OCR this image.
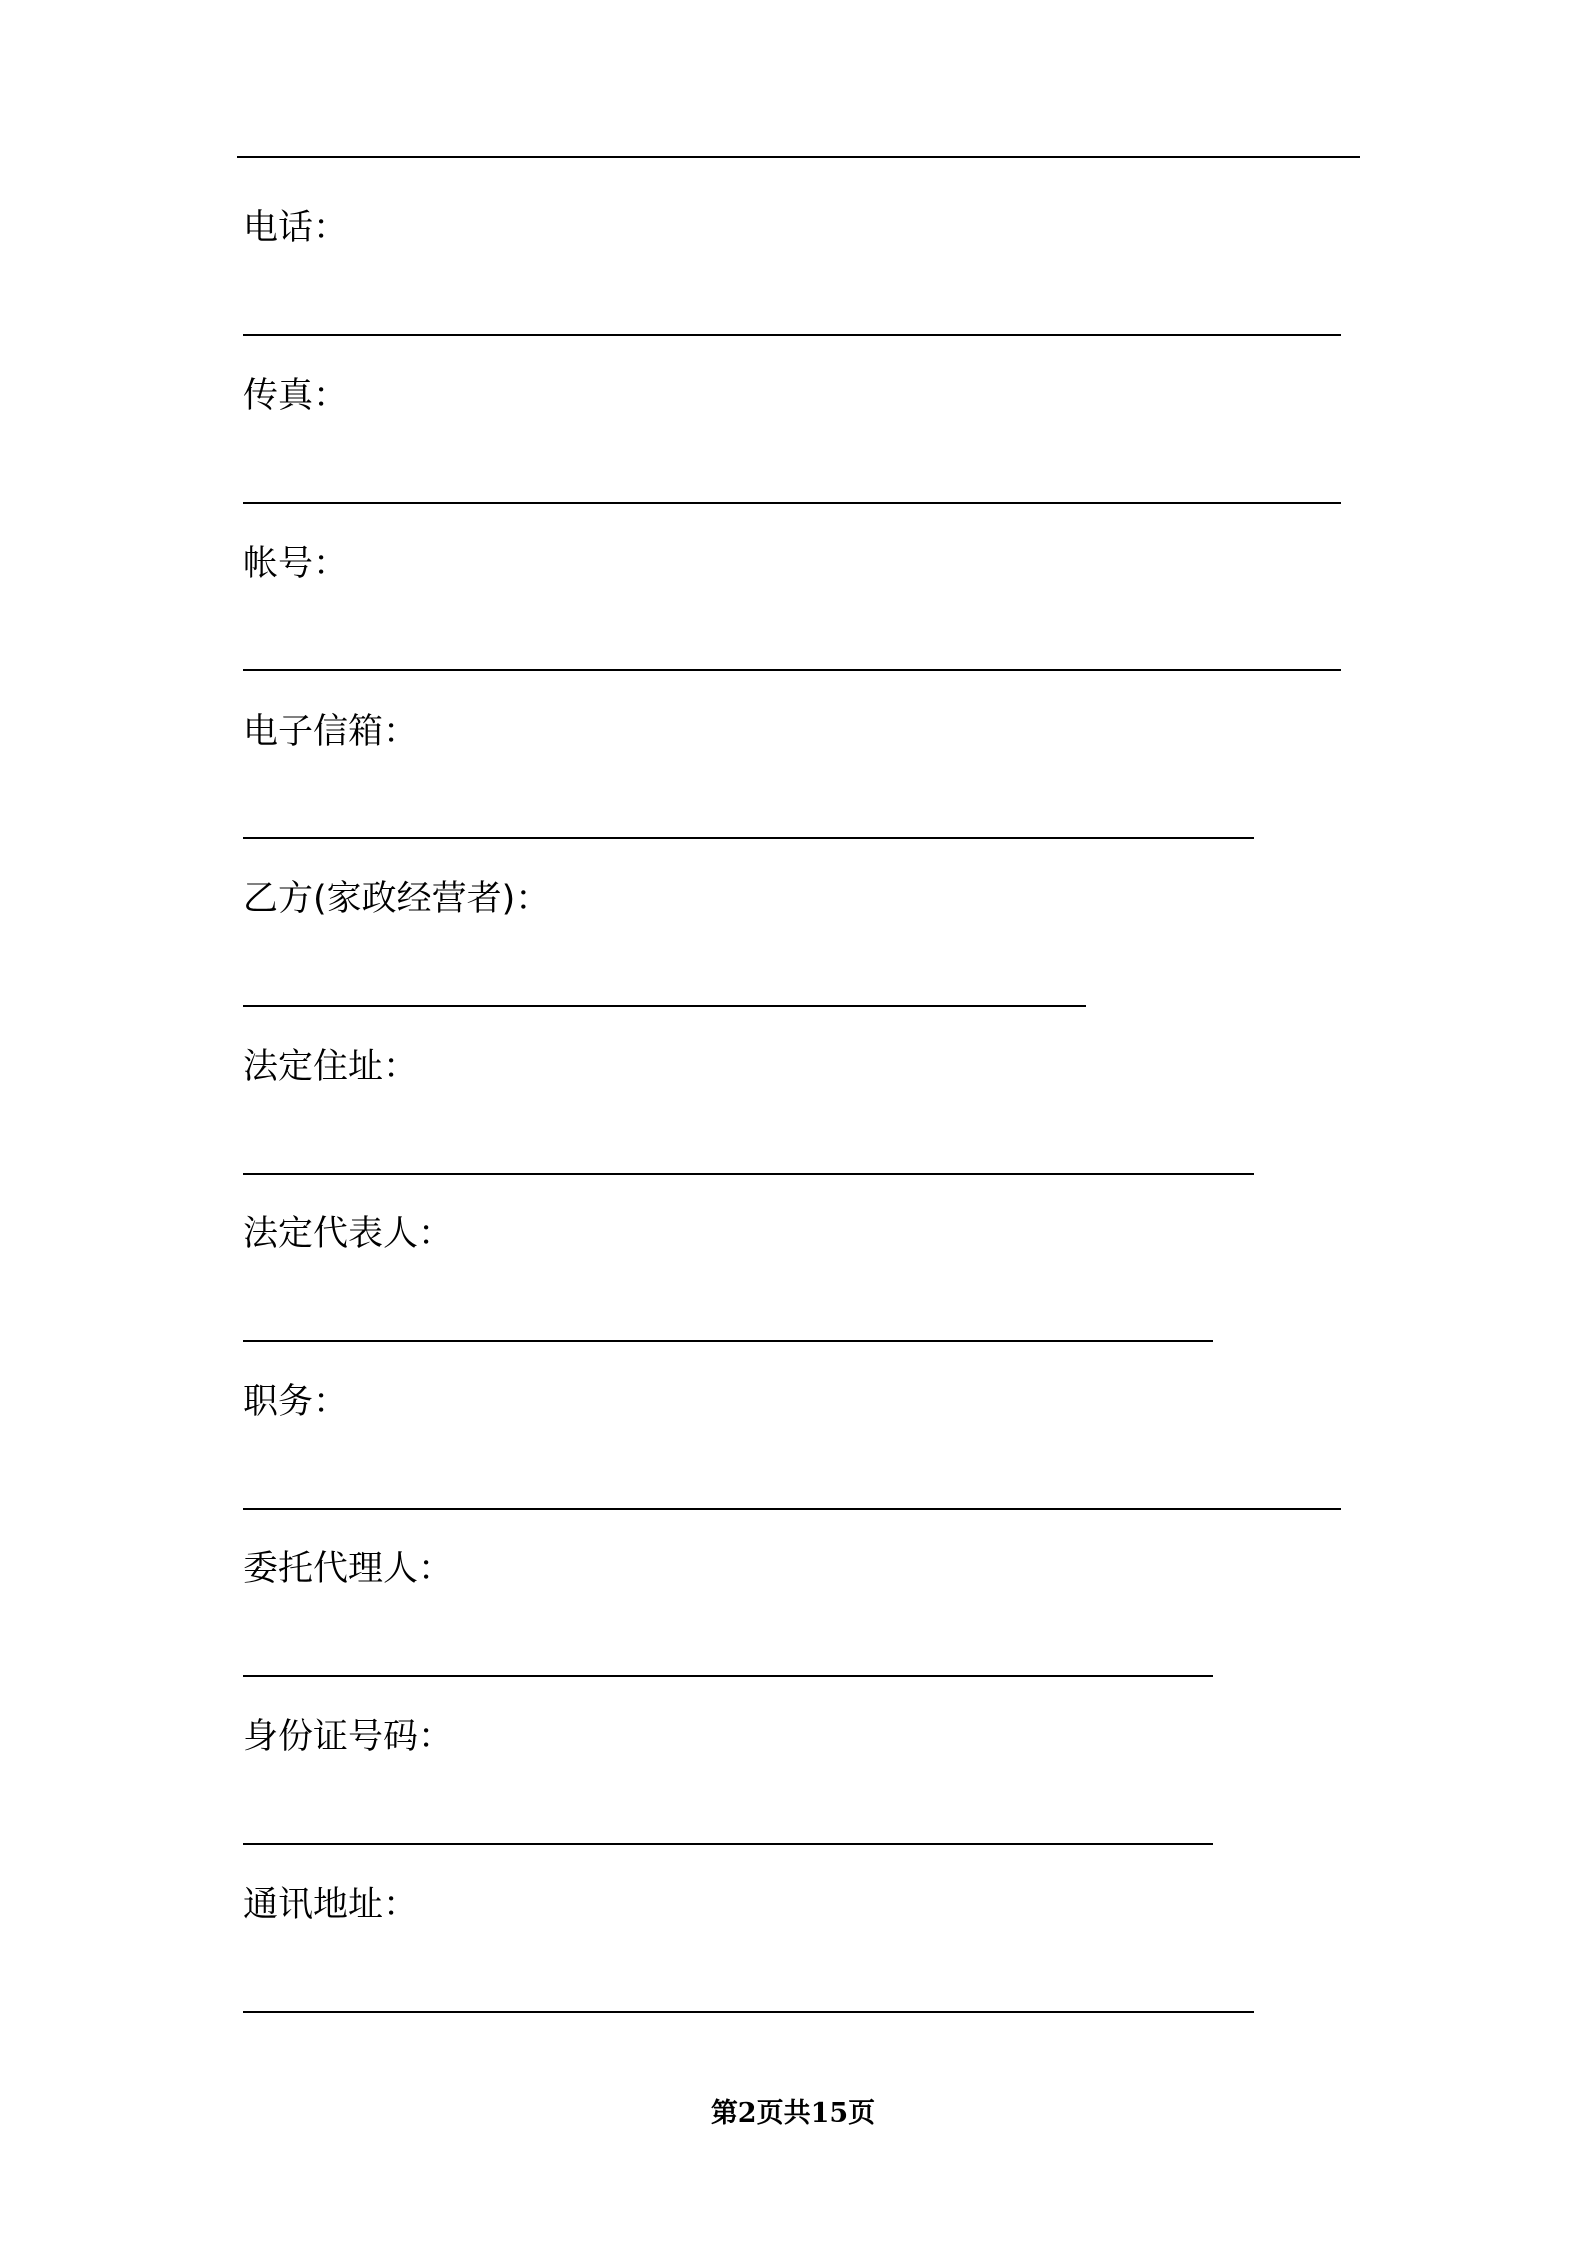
电话：
传真：
帐号：
电子信箱：
乙方(家政经营者)：
法定住址：
法定代表人：
职务：
委托代理人：
身份证号码：
通讯地址：
第2页共15页
